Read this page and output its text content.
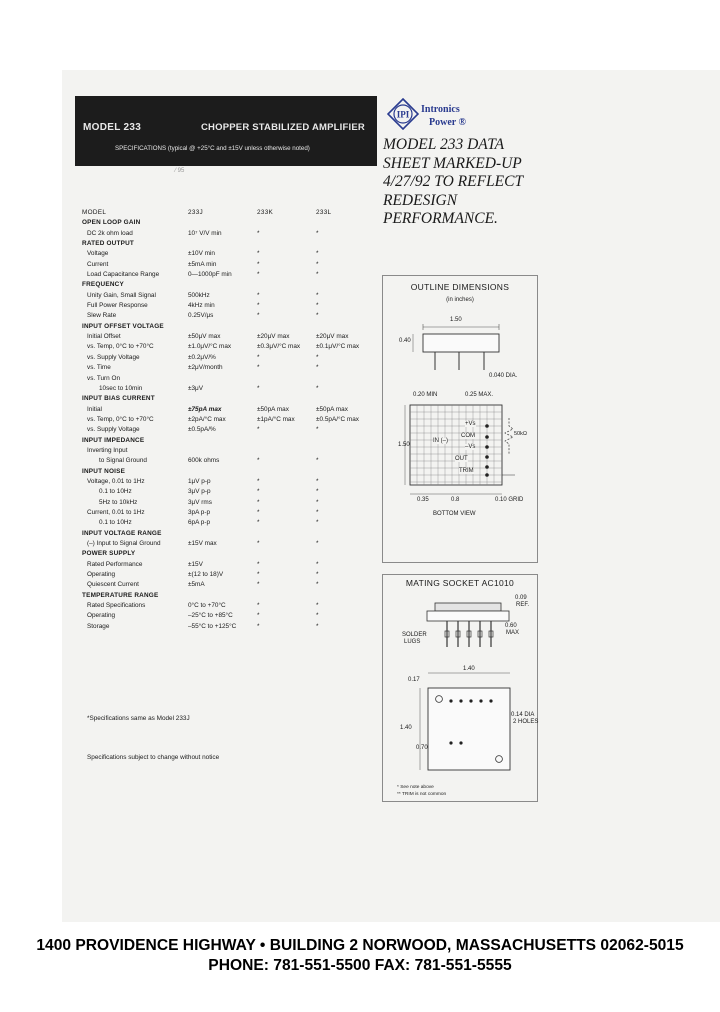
MODEL 233	CHOPPER STABILIZED AMPLIFIER
SPECIFICATIONS (typical @ +25°C and ±15V unless otherwise noted)
⁄ 95
IPI Intronics
Power ®
MODEL 233 DATA
SHEET MARKED-UP
4/27/92 TO REFLECT
REDESIGN
PERFORMANCE.
MODEL	233J	233K	233L
OPEN LOOP GAIN
DC 2k ohm load	10⁷ V/V min	*	*
RATED OUTPUT
Voltage	±10V min	*	*
Current	±5mA min	*	*
Load Capacitance Range	0—1000pF min	*	*
FREQUENCY
Unity Gain, Small Signal	500kHz	*	*
Full Power Response	4kHz min	*	*
Slew Rate	0.25V/μs	*	*
INPUT OFFSET VOLTAGE
Initial Offset	±50μV max	±20μV max	±20μV max
vs. Temp, 0°C to +70°C	±1.0μV/°C max	±0.3μV/°C max ±0.1μV/°C max
vs. Supply Voltage	±0.2μV/%	*	*
vs. Time	±2μV/month	*	*
vs. Turn On
10sec to 10min	±3μV	*	*
INPUT BIAS CURRENT
Initial	±75pA max	±50pA max	±50pA max
vs. Temp, 0°C to +70°C	±2pA/°C max	±1pA/°C max	±0.5pA/°C max
vs. Supply Voltage	±0.5pA/%	*	*
INPUT IMPEDANCE
Inverting Input
to Signal Ground	600k ohms	*	*
INPUT NOISE
Voltage, 0.01 to 1Hz	1μV p-p	*	*
0.1 to 10Hz	3μV p-p	*	*
5Hz to 10kHz	3μV rms	*	*
Current, 0.01 to 1Hz	3pA p-p	*	*
0.1 to 10Hz	6pA p-p	*	*
INPUT VOLTAGE RANGE
(–) Input to Signal Ground	±15V max	*	*
POWER SUPPLY
Rated Performance	±15V	*	*
Operating	±(12 to 18)V	*	*
Quiescent Current	±5mA	*	*
TEMPERATURE RANGE
Rated Specifications	0°C to +70°C	*	*
Operating	–25°C to +85°C	*	*
Storage	–55°C to +125°C	*	*
*Specifications same as Model 233J
Specifications subject to change without notice
OUTLINE DIMENSIONS
(in inches)
1.50
0.40
0.040 DIA.
0.20 MIN	0.25 MAX.
1.50
+Vs
COM
IN (–)
–Vs
OUT
TRIM
50kΩ
0.35	0.8	0.10 GRID
BOTTOM VIEW
MATING SOCKET AC1010
0.09
REF.
0.60
MAX
SOLDER
LUGS
1.40
0.17
1.40
0.70
0.14 DIA
2 HOLES
* See note above
** TRIM is not common
1400 PROVIDENCE HIGHWAY • BUILDING 2 NORWOOD, MASSACHUSETTS 02062-5015
PHONE: 781-551-5500 FAX: 781-551-5555
